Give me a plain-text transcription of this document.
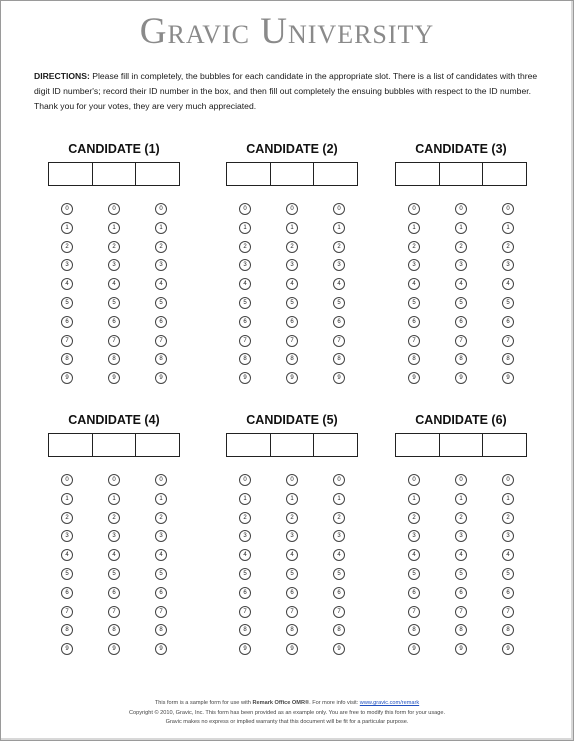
Gravic University
DIRECTIONS: Please fill in completely, the bubbles for each candidate in the appropriate slot. There is a list of candidates with three digit ID number's; record their ID number in the box, and then fill out completely the ensuing bubbles with respect to the ID number. Thank you for your votes, they are very much appreciated.
CANDIDATE (1)
0
1
2
3
4
5
6
7
8
9
0
1
2
3
4
5
6
7
8
9
0
1
2
3
4
5
6
7
8
9
CANDIDATE (2)
0
1
2
3
4
5
6
7
8
9
0
1
2
3
4
5
6
7
8
9
0
1
2
3
4
5
6
7
8
9
CANDIDATE (3)
0
1
2
3
4
5
6
7
8
9
0
1
2
3
4
5
6
7
8
9
0
1
2
3
4
5
6
7
8
9
CANDIDATE (4)
0
1
2
3
4
5
6
7
8
9
0
1
2
3
4
5
6
7
8
9
0
1
2
3
4
5
6
7
8
9
CANDIDATE (5)
0
1
2
3
4
5
6
7
8
9
0
1
2
3
4
5
6
7
8
9
0
1
2
3
4
5
6
7
8
9
CANDIDATE (6)
0
1
2
3
4
5
6
7
8
9
0
1
2
3
4
5
6
7
8
9
0
1
2
3
4
5
6
7
8
9
This form is a sample form for use with Remark Office OMR®. For more info visit: www.gravic.com/remark
Copyright © 2010, Gravic, Inc. This form has been provided as an example only. You are free to modify this form for your usage.
Gravic makes no express or implied warranty that this document will be fit for a particular purpose.
